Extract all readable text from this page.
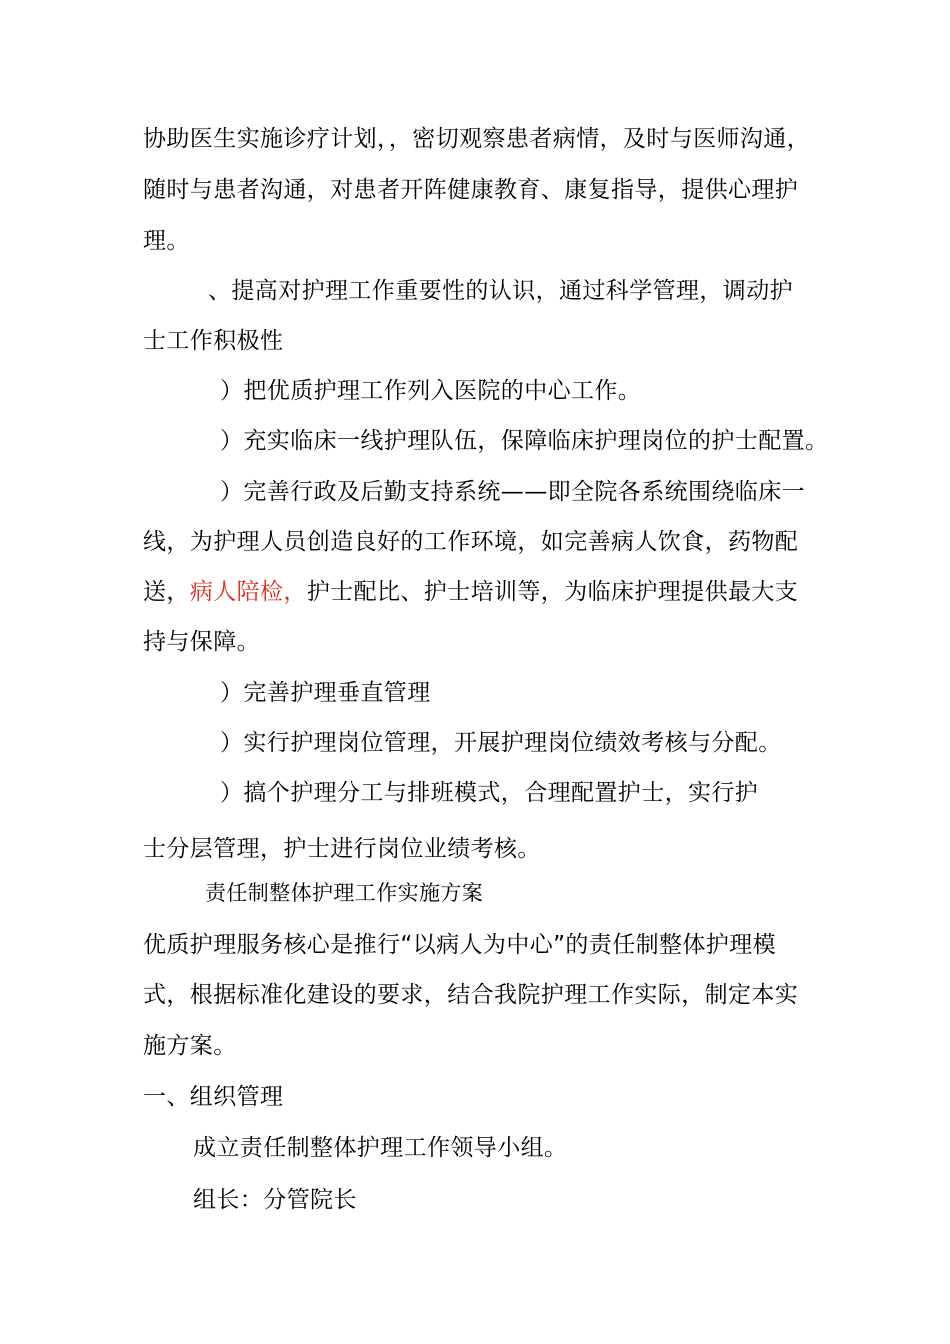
协助医生实施诊疗计划，，密切观察患者病情，及时与医师沟通，
随时与患者沟通，对患者开阵健康教育、康复指导，提供心理护
理。
、提高对护理工作重要性的认识，通过科学管理，调动护
士工作积极性
）把优质护理工作列入医院的中心工作。
）充实临床一线护理队伍，保障临床护理岗位的护士配置。
）完善行政及后勤支持系统——即全院各系统围绕临床一
线，为护理人员创造良好的工作环境，如完善病人饮食，药物配
送，病人陪检，护士配比、护士培训等，为临床护理提供最大支
持与保障。
）完善护理垂直管理
）实行护理岗位管理，开展护理岗位绩效考核与分配。
）搞个护理分工与排班模式，合理配置护士，实行护
士分层管理，护士进行岗位业绩考核。
责任制整体护理工作实施方案
优质护理服务核心是推行“以病人为中心”的责任制整体护理模
式，根据标准化建设的要求，结合我院护理工作实际，制定本实
施方案。
一、组织管理
成立责任制整体护理工作领导小组。
组长：分管院长
